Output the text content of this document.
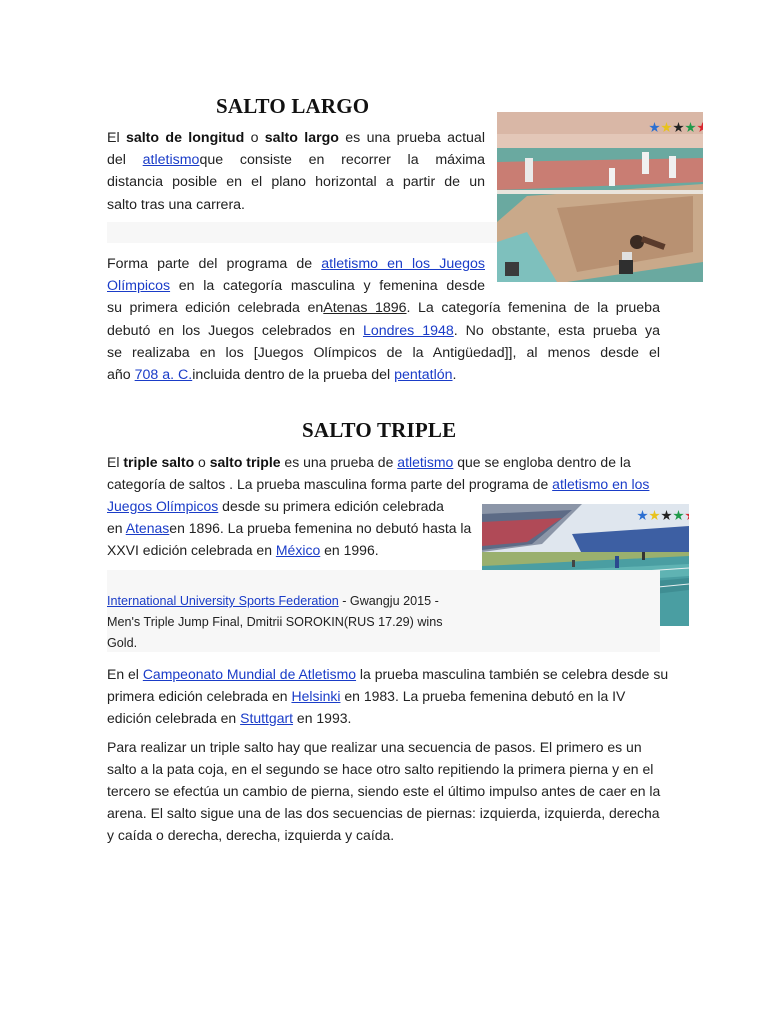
SALTO LARGO
El salto de longitud o salto largo es una prueba actual
del atletismoque consiste en recorrer la máxima
distancia posible en el plano horizontal a partir de un
salto tras una carrera.
Forma parte del programa de atletismo en los Juegos
Olímpicos en la categoría masculina y femenina desde
su primera edición celebrada enAtenas 1896. La categoría femenina de la prueba
debutó en los Juegos celebrados en Londres 1948. No obstante, esta prueba ya
se realizaba en los [Juegos Olímpicos de la Antigüedad]], al menos desde el
año 708 a. C.incluida dentro de la prueba del pentatlón.
SALTO TRIPLE
El triple salto o salto triple es una prueba de atletismo que se engloba dentro de la
categoría de saltos . La prueba masculina forma parte del programa de atletismo en los
Juegos Olímpicos desde su primera edición celebrada
en Atenasen 1896. La prueba femenina no debutó hasta la
XXVI edición celebrada en México en 1996.
International University Sports Federation - Gwangju 2015 -
Men's Triple Jump Final, Dmitrii SOROKIN(RUS 17.29) wins
Gold.
En el Campeonato Mundial de Atletismo la prueba masculina también se celebra desde su
primera edición celebrada en Helsinki en 1983. La prueba femenina debutó en la IV
edición celebrada en Stuttgart en 1993.
Para realizar un triple salto hay que realizar una secuencia de pasos. El primero es un
salto a la pata coja, en el segundo se hace otro salto repitiendo la primera pierna y en el
tercero se efectúa un cambio de pierna, siendo este el último impulso antes de caer en la
arena. El salto sigue una de las dos secuencias de piernas: izquierda, izquierda, derecha
y caída o derecha, derecha, izquierda y caída.
